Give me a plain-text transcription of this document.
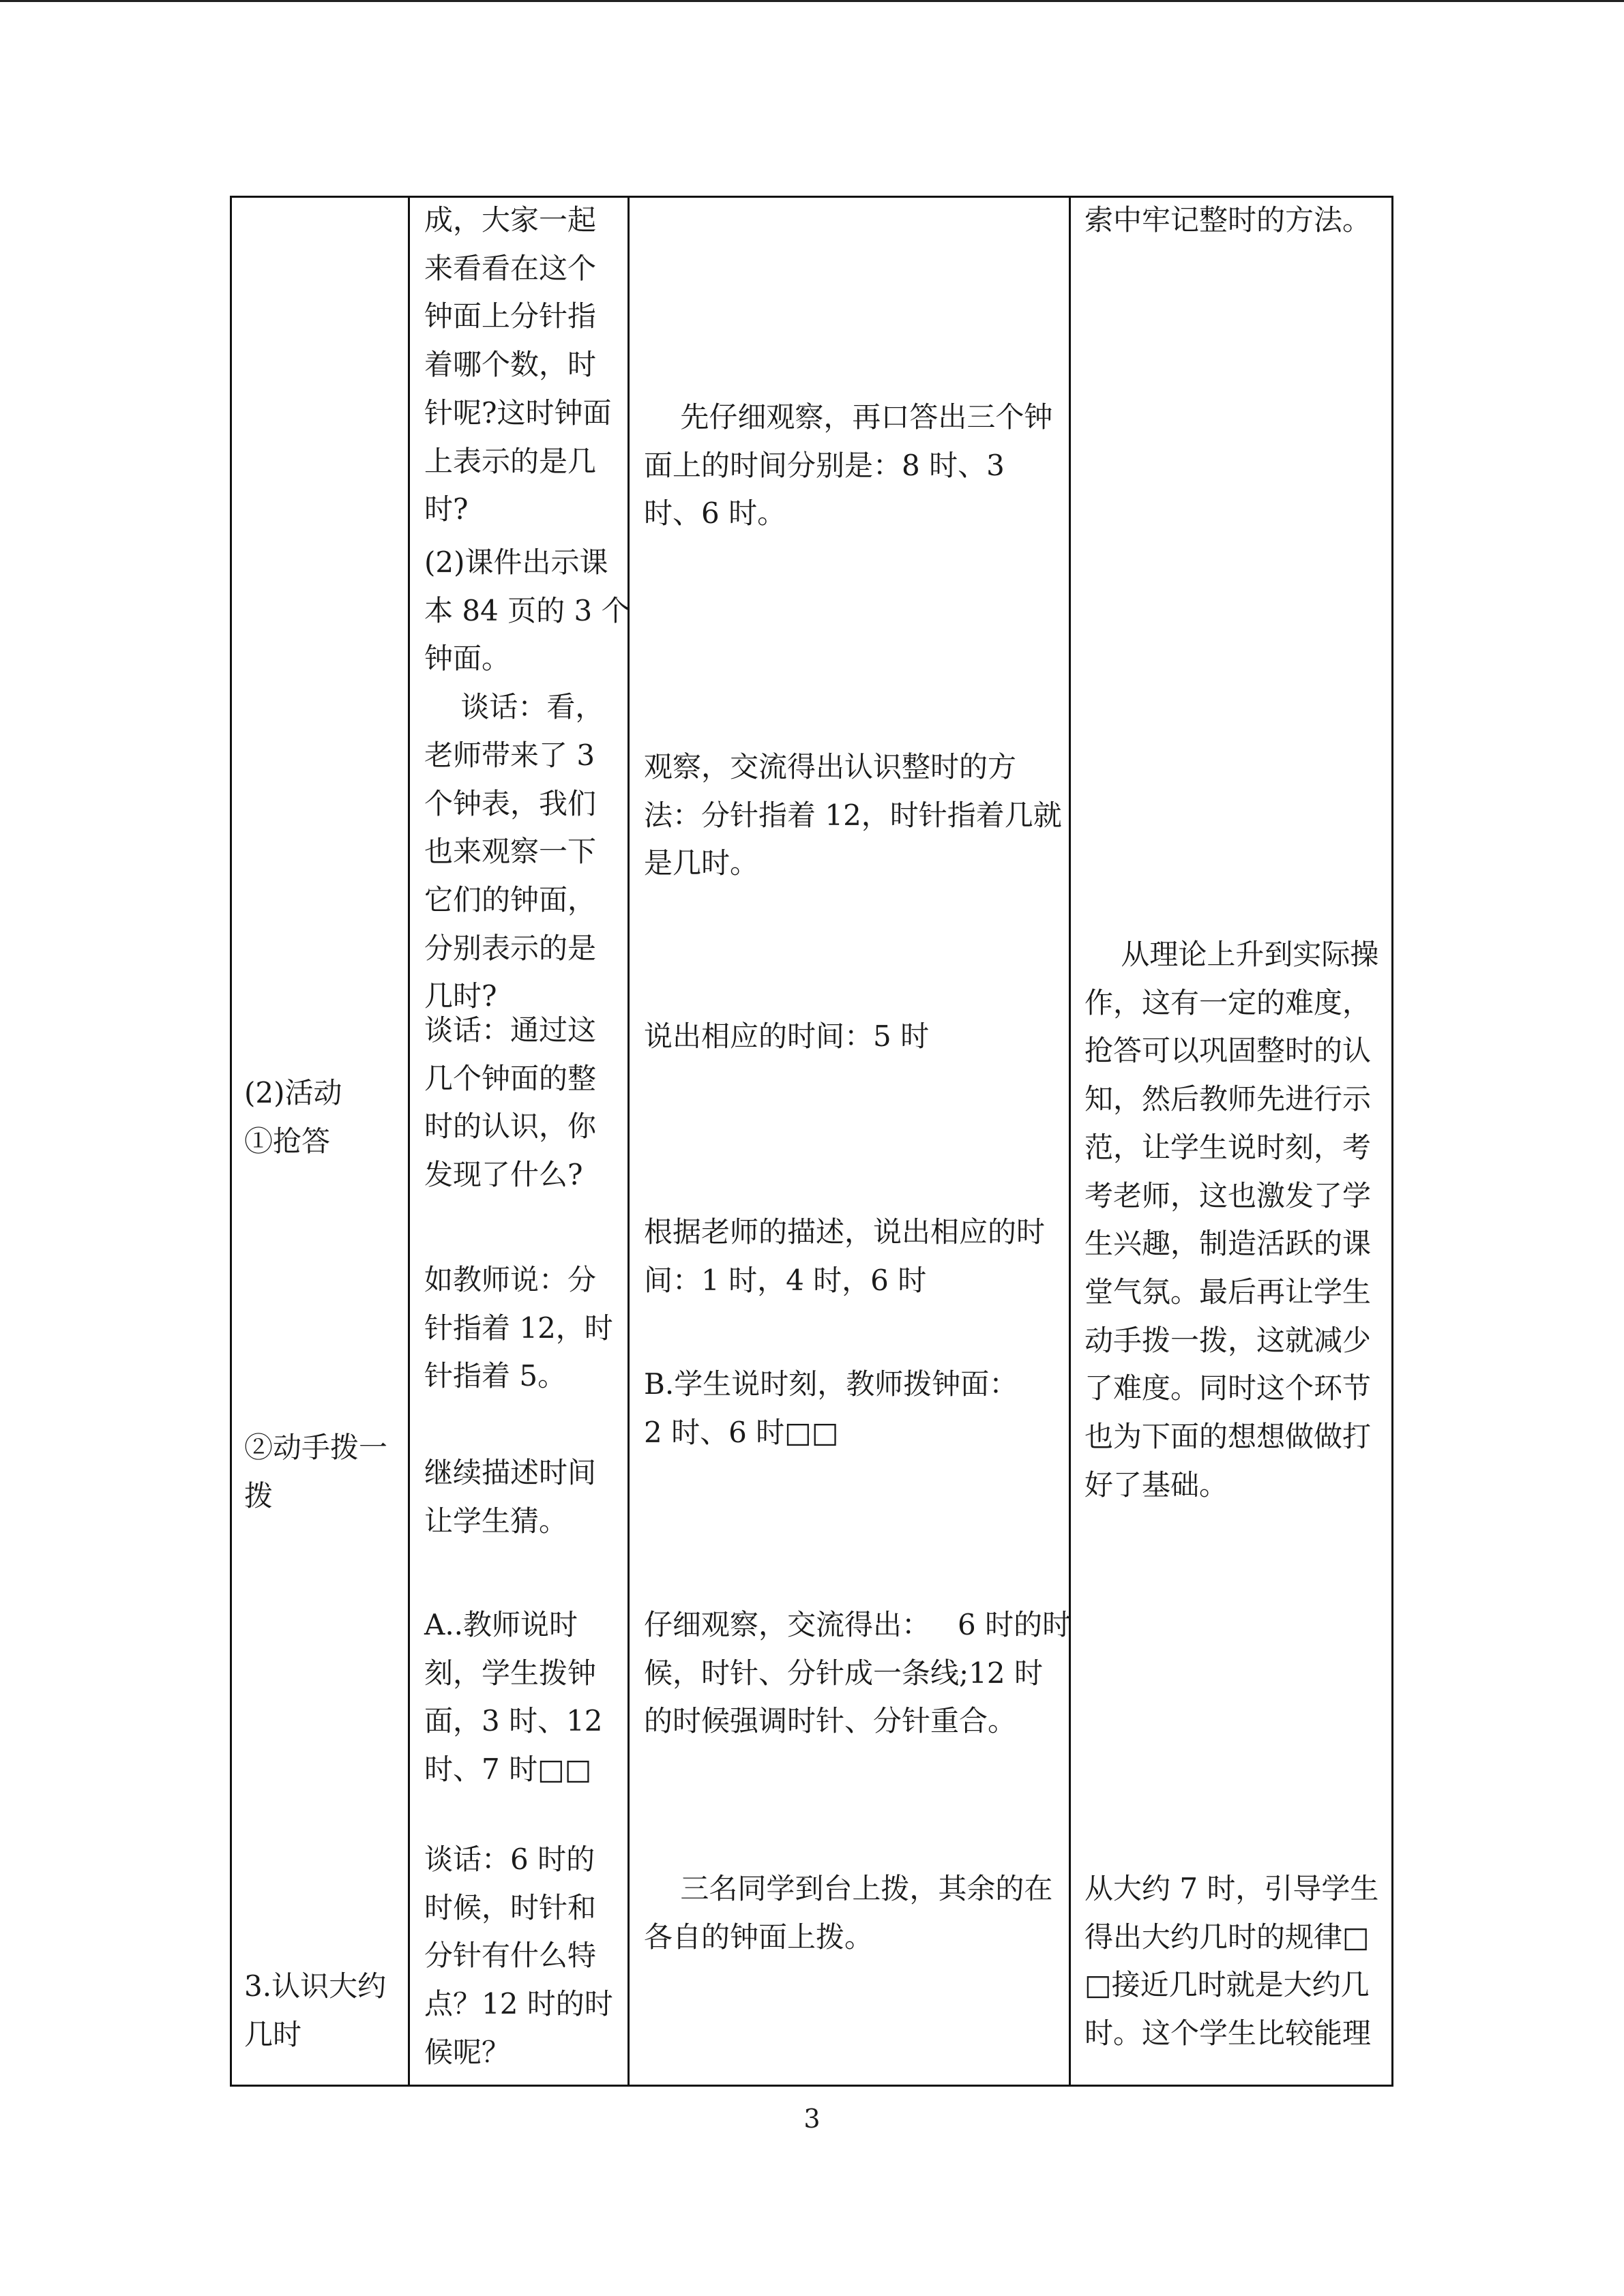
(2)活动
①抢答

②动手拨一
拨

3.认识大约
几时

成，大家一起
来看看在这个
钟面上分针指
着哪个数，时
针呢?这时钟面
上表示的是几
时?

(2)课件出示课
本 84 页的 3 个
钟面。
谈话：看，
老师带来了 3
个钟表，我们
也来观察一下
它们的钟面，
分别表示的是
几时?

谈话：通过这
几个钟面的整
时的认识，你
发现了什么?

如教师说：分
针指着 12，时
针指着 5。

继续描述时间
让学生猜。

A..教师说时
刻，学生拨钟
面，3 时、12
时、7 时□□

谈话：6 时的
时候，时针和
分针有什么特
点？12 时的时
候呢？

先仔细观察，再口答出三个钟
面上的时间分别是：8 时、3
时、6 时。

观察，交流得出认识整时的方
法：分针指着 12，时针指着几就
是几时。

说出相应的时间：5 时

根据老师的描述，说出相应的时
间：1 时，4 时，6 时

B.学生说时刻，教师拨钟面：
2 时、6 时□□

仔细观察，交流得出：   6 时的时
候，时针、分针成一条线;12 时
的时候强调时针、分针重合。

三名同学到台上拨，其余的在
各自的钟面上拨。

索中牢记整时的方法。

从理论上升到实际操
作，这有一定的难度，
抢答可以巩固整时的认
知，然后教师先进行示
范，让学生说时刻，考
考老师，这也激发了学
生兴趣，制造活跃的课
堂气氛。最后再让学生
动手拨一拨，这就减少
了难度。同时这个环节
也为下面的想想做做打
好了基础。

从大约 7 时，引导学生
得出大约几时的规律□
□接近几时就是大约几
时。这个学生比较能理

3
